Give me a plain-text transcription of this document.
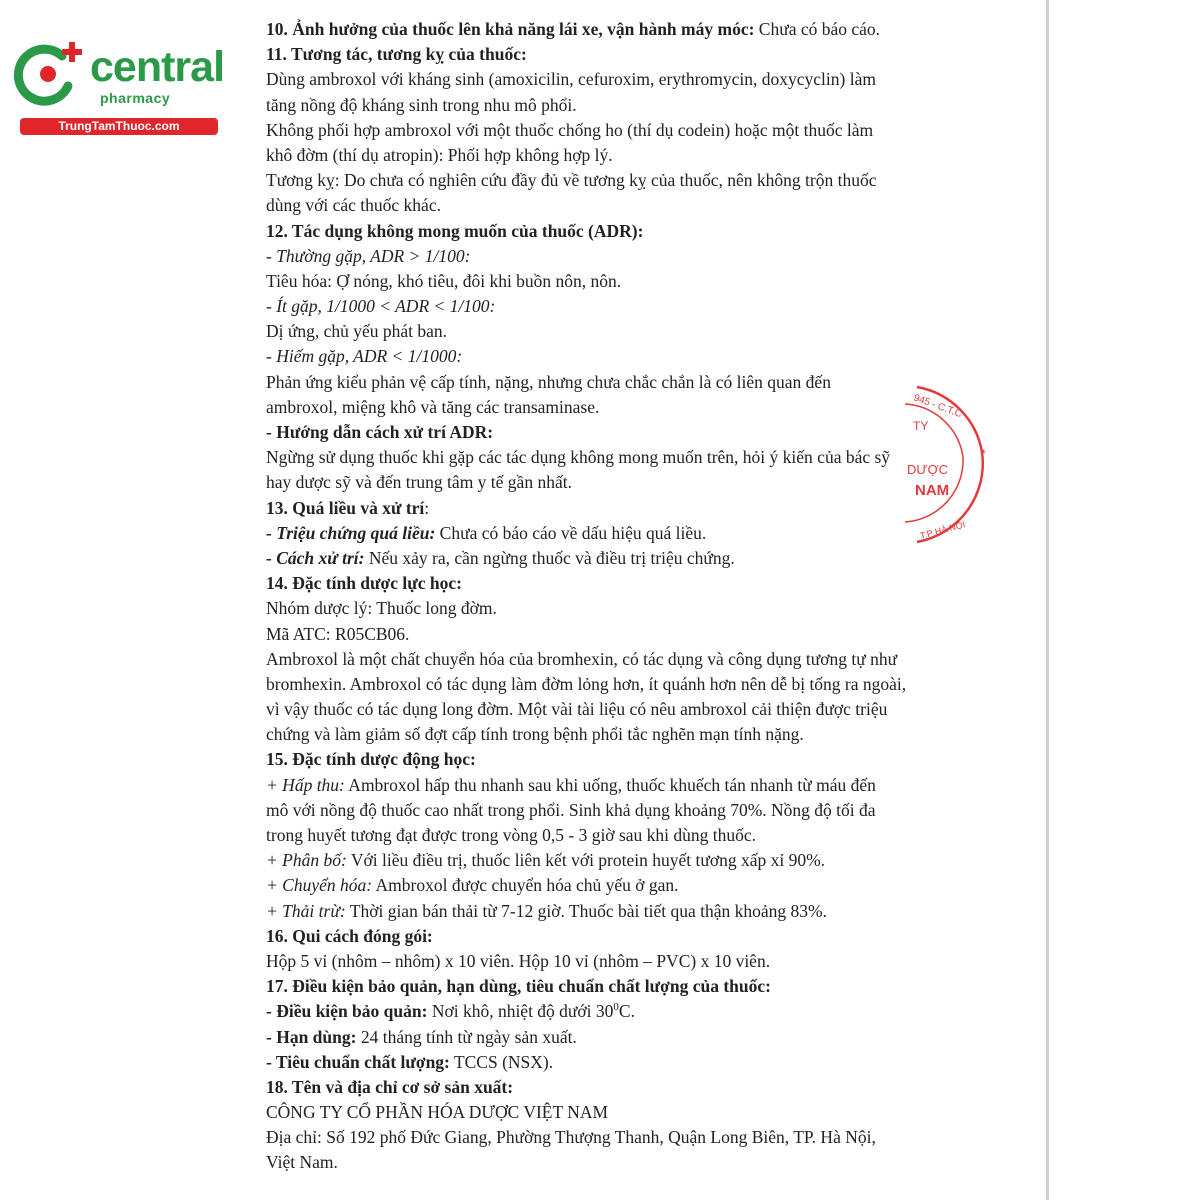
central
pharmacy
TrungTamThuoc.com
945 - C.T.C
TY
DƯỢC
NAM
T.P HÀ NỘI
*
10. Ảnh hưởng của thuốc lên khả năng lái xe, vận hành máy móc: Chưa có báo cáo.
11. Tương tác, tương kỵ của thuốc:
Dùng ambroxol với kháng sinh (amoxicilin, cefuroxim, erythromycin, doxycyclin) làm
tăng nồng độ kháng sinh trong nhu mô phổi.
Không phối hợp ambroxol với một thuốc chống ho (thí dụ codein) hoặc một thuốc làm
khô đờm (thí dụ atropin): Phối hợp không hợp lý.
Tương kỵ: Do chưa có nghiên cứu đầy đủ về tương kỵ của thuốc, nên không trộn thuốc
dùng với các thuốc khác.
12. Tác dụng không mong muốn của thuốc (ADR):
- Thường gặp, ADR > 1/100:
Tiêu hóa: Ợ nóng, khó tiêu, đôi khi buồn nôn, nôn.
- Ít gặp, 1/1000 < ADR < 1/100:
Dị ứng, chủ yếu phát ban.
- Hiếm gặp, ADR < 1/1000:
Phản ứng kiểu phản vệ cấp tính, nặng, nhưng chưa chắc chắn là có liên quan đến
ambroxol, miệng khô và tăng các transaminase.
- Hướng dẫn cách xử trí ADR:
Ngừng sử dụng thuốc khi gặp các tác dụng không mong muốn trên, hỏi ý kiến của bác sỹ
hay dược sỹ và đến trung tâm y tế gần nhất.
13. Quá liều và xử trí:
- Triệu chứng quá liều: Chưa có báo cáo về dấu hiệu quá liều.
- Cách xử trí: Nếu xảy ra, cần ngừng thuốc và điều trị triệu chứng.
14. Đặc tính dược lực học:
Nhóm dược lý: Thuốc long đờm.
Mã ATC: R05CB06.
Ambroxol là một chất chuyển hóa của bromhexin, có tác dụng và công dụng tương tự như
bromhexin. Ambroxol có tác dụng làm đờm lỏng hơn, ít quánh hơn nên dễ bị tống ra ngoài,
vì vậy thuốc có tác dụng long đờm. Một vài tài liệu có nêu ambroxol cải thiện được triệu
chứng và làm giảm số đợt cấp tính trong bệnh phổi tắc nghẽn mạn tính nặng.
15. Đặc tính dược động học:
+ Hấp thu: Ambroxol hấp thu nhanh sau khi uống, thuốc khuếch tán nhanh từ máu đến
mô với nồng độ thuốc cao nhất trong phổi. Sinh khả dụng khoảng 70%. Nồng độ tối đa
trong huyết tương đạt được trong vòng 0,5 - 3 giờ sau khi dùng thuốc.
+ Phân bố: Với liều điều trị, thuốc liên kết với protein huyết tương xấp xỉ 90%.
+ Chuyển hóa: Ambroxol được chuyển hóa chủ yếu ở gan.
+ Thải trừ: Thời gian bán thải từ 7-12 giờ. Thuốc bài tiết qua thận khoảng 83%.
16. Qui cách đóng gói:
Hộp 5 vỉ (nhôm – nhôm) x 10 viên. Hộp 10 vỉ (nhôm – PVC) x 10 viên.
17. Điều kiện bảo quản, hạn dùng, tiêu chuẩn chất lượng của thuốc:
- Điều kiện bảo quản: Nơi khô, nhiệt độ dưới $30^0C$.
- Hạn dùng: 24 tháng tính từ ngày sản xuất.
- Tiêu chuẩn chất lượng: TCCS (NSX).
18. Tên và địa chỉ cơ sở sản xuất:
CÔNG TY CỔ PHẦN HÓA DƯỢC VIỆT NAM
Địa chỉ: Số 192 phố Đức Giang, Phường Thượng Thanh, Quận Long Biên, TP. Hà Nội,
Việt Nam.
